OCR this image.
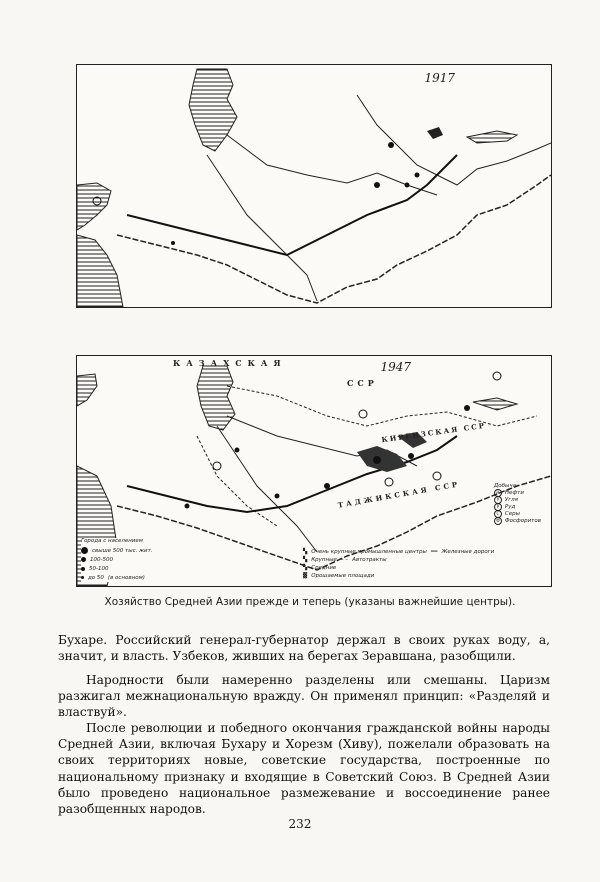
1917
1947
КАЗАХСКАЯ
ССР
КИРГИЗСКАЯ ССР
ТАДЖИКСКАЯ ССР
Города с населением
свыше 500 тыс. жит.
100-500
50-100
до 50 (в основном)
▚ Очень крупные промышленные центры ━━ Железные дороги
▚ Крупные – – Автотракты
▚ Средние
▓ Орошаемые площади
Добыча:
Н	Нефти
У	Угля
Р	Руд
С	Серы
Ф Фосфоритов
Хозяйство Средней Азии прежде и теперь (указаны важнейшие центры).
Бухаре. Российский генерал-губернатор держал в своих руках воду, а, значит, и власть. Узбеков, живших на берегах Зеравшана, разобщили.
Народности были намеренно разделены или смешаны. Царизм разжигал межнациональную вражду. Он применял принцип: «Разделяй и властвуй».
После революции и победного окончания гражданской войны народы Средней Азии, включая Бухару и Хорезм (Хиву), пожелали образовать на своих территориях новые, советские государства, построенные по национальному признаку и входящие в Советский Союз. В Средней Азии было проведено национальное размежевание и воссоединение ранее разобщенных народов.
232
